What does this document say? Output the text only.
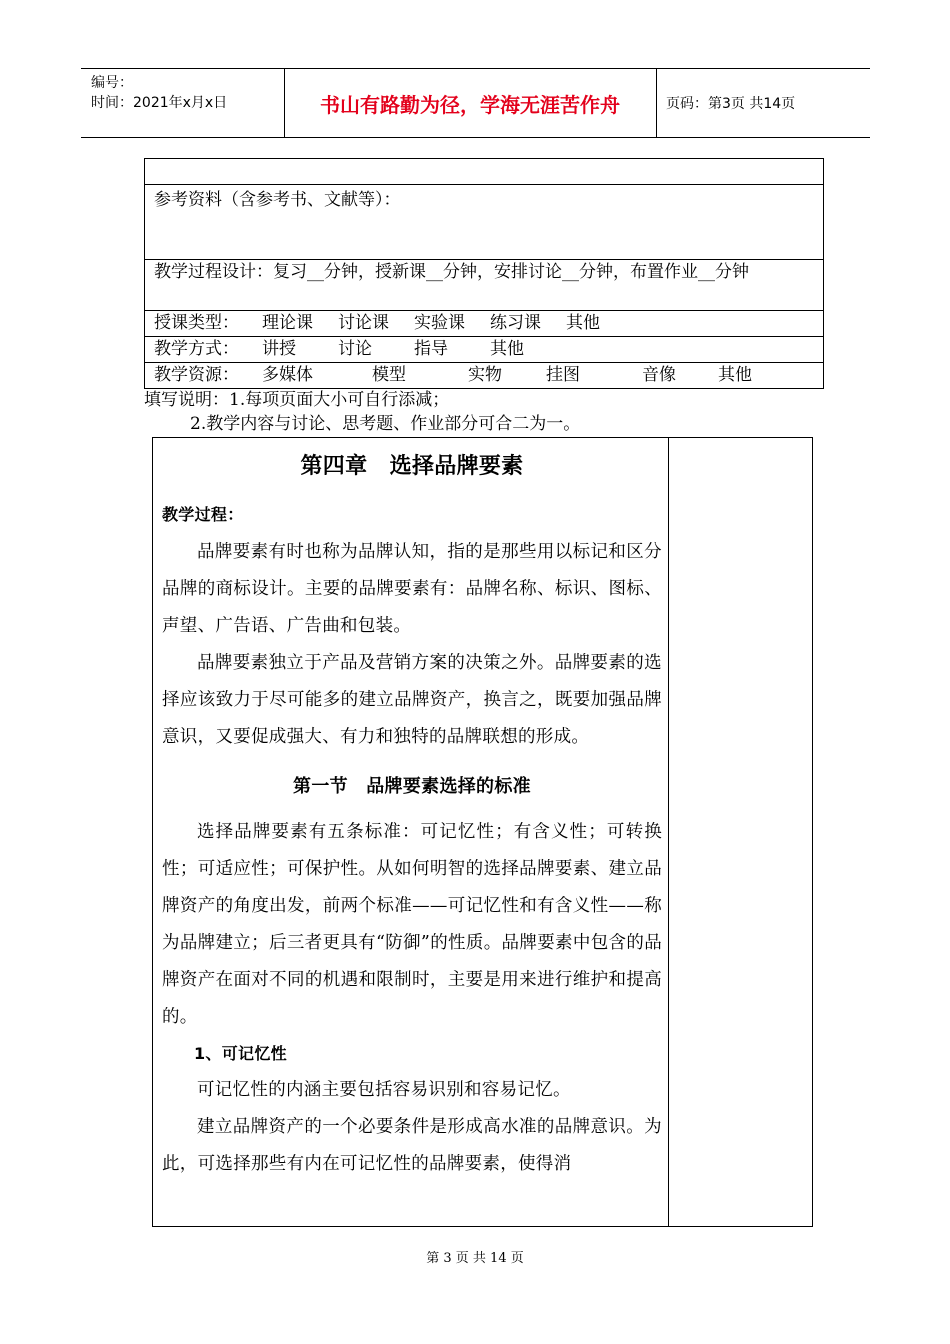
编号：
时间：2021年x月x日	书山有路勤为径，学海无涯苦作舟	页码：第3页 共14页

参考资料（含参考书、文献等）：
教学过程设计：复习__分钟，授新课__分钟，安排讨论__分钟，布置作业__分钟
授课类型： 理论课 讨论课 实验课 练习课 其他
教学方式： 讲授 讨论 指导 其他
教学资源： 多媒体	模型	实物	挂图	音像 其他
填写说明：1.每项页面大小可自行添减；
2.教学内容与讨论、思考题、作业部分可合二为一。
第四章　选择品牌要素
教学过程：

品牌要素有时也称为品牌认知，指的是那些用以标记和区分品牌的商标设计。主要的品牌要素有：品牌名称、标识、图标、声望、广告语、广告曲和包装。

品牌要素独立于产品及营销方案的决策之外。品牌要素的选择应该致力于尽可能多的建立品牌资产，换言之，既要加强品牌意识，又要促成强大、有力和独特的品牌联想的形成。

第一节　品牌要素选择的标准

选择品牌要素有五条标准：可记忆性；有含义性；可转换性；可适应性；可保护性。从如何明智的选择品牌要素、建立品牌资产的角度出发，前两个标准——可记忆性和有含义性——称为品牌建立；后三者更具有“防御”的性质。品牌要素中包含的品牌资产在面对不同的机遇和限制时，主要是用来进行维护和提高的。

1、可记忆性

可记忆性的内涵主要包括容易识别和容易记忆。

建立品牌资产的一个必要条件是形成高水准的品牌意识。为此，可选择那些有内在可记忆性的品牌要素，使得消

第 3 页 共 14 页
